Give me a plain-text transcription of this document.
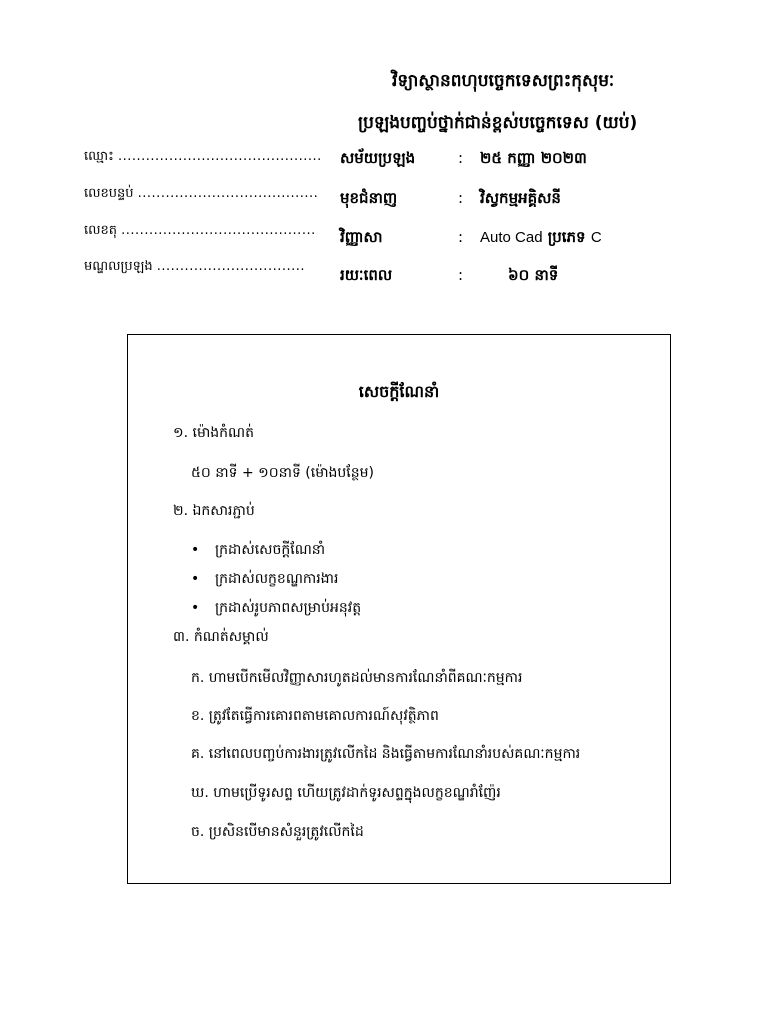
វិទ្យាស្ថានពហុបច្ចេកទេសព្រះកុសុមៈ
ប្រឡងបញ្ចប់ថ្នាក់ជាន់ខ្ពស់បច្ចេកទេស (យប់)
ឈ្មោះ ............................................
លេខបន្ទប់ .......................................
លេខតុ ..........................................
មណ្ឌលប្រឡង ................................
សម័យប្រឡង	: ២៥ កញ្ញា ២០២៣
មុខជំនាញ	: វិស្វកម្មអគ្គិសនី
វិញ្ញាសា	: Auto Cad ប្រភេទ C
រយៈពេល	:	៦០ នាទី
សេចក្តីណែនាំ
១. ម៉ោងកំណត់
៥០ នាទី + ១០នាទី (ម៉ោងបន្ថែម)
២. ឯកសារភ្ជាប់
• ក្រដាស់សេចក្តីណែនាំ
• ក្រដាស់លក្ខខណ្ឌការងារ
• ក្រដាស់រូបភាពសម្រាប់អនុវត្ត
៣. កំណត់សម្គាល់
ក. ហាមបើកមើលវិញ្ញាសារហូតដល់មានការណែនាំពីគណៈកម្មការ
ខ. ត្រូវតែធ្វើការគោរពតាមគោលការណ៍សុវត្ថិភាព
គ. នៅពេលបញ្ចប់ការងារត្រូវលើកដៃ និងធ្វើតាមការណែនាំរបស់គណៈកម្មការ
ឃ. ហាមប្រើទូរសព្ទ ហើយត្រូវដាក់ទូរសព្ទក្នុងលក្ខខណ្ឌរាំញ៉ែរ
ច. ប្រសិនបើមានសំនួរត្រូវលើកដៃ
